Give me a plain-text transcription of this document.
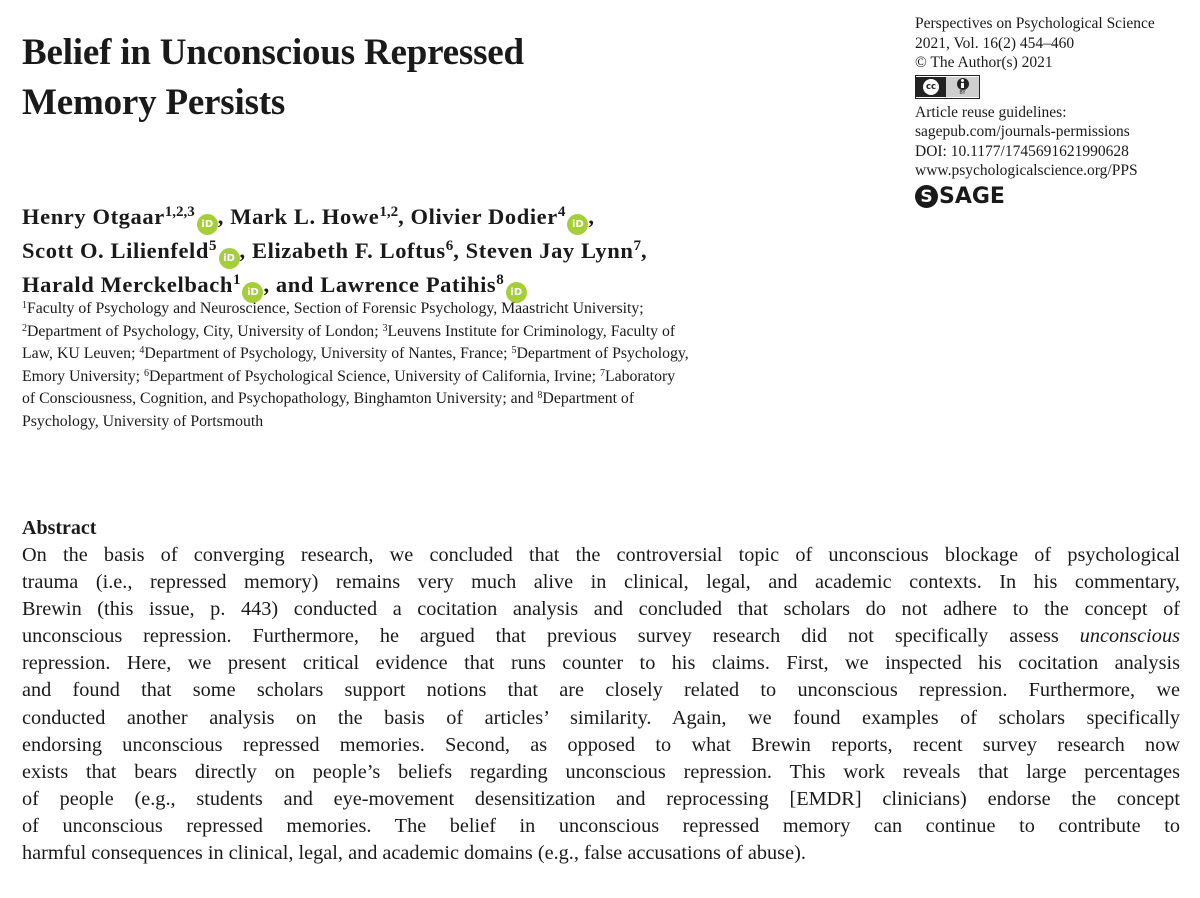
Belief in Unconscious Repressed
Memory Persists
Perspectives on Psychological Science
2021, Vol. 16(2) 454–460
© The Author(s) 2021
cc
BY
Article reuse guidelines:
sagepub.com/journals-permissions
DOI: 10.1177/1745691621990628
www.psychologicalscience.org/PPS
S SAGE
Henry Otgaar$^{1,2,3}$iD , Mark L. Howe$^{1,2}$, Olivier Dodier$^4$iD ,
Scott O. Lilienfeld$^5$iD , Elizabeth F. Loftus$^6$, Steven Jay Lynn$^7$,
Harald Merckelbach$^1$iD , and Lawrence Patihis$^8$iD
$^1$Faculty of Psychology and Neuroscience, Section of Forensic Psychology, Maastricht University;
$^2$Department of Psychology, City, University of London; $^3$Leuvens Institute for Criminology, Faculty of
Law, KU Leuven; $^4$Department of Psychology, University of Nantes, France; $^5$Department of Psychology,
Emory University; $^6$Department of Psychological Science, University of California, Irvine; $^7$Laboratory
of Consciousness, Cognition, and Psychopathology, Binghamton University; and $^8$Department of
Psychology, University of Portsmouth
Abstract
On the basis of converging research, we concluded that the controversial topic of unconscious blockage of psychological
trauma (i.e., repressed memory) remains very much alive in clinical, legal, and academic contexts. In his commentary,
Brewin (this issue, p. 443) conducted a cocitation analysis and concluded that scholars do not adhere to the concept of
unconscious repression. Furthermore, he argued that previous survey research did not specifically assess unconscious
repression. Here, we present critical evidence that runs counter to his claims. First, we inspected his cocitation analysis
and found that some scholars support notions that are closely related to unconscious repression. Furthermore, we
conducted another analysis on the basis of articles’ similarity. Again, we found examples of scholars specifically
endorsing unconscious repressed memories. Second, as opposed to what Brewin reports, recent survey research now
exists that bears directly on people’s beliefs regarding unconscious repression. This work reveals that large percentages
of people (e.g., students and eye-movement desensitization and reprocessing [EMDR] clinicians) endorse the concept
of unconscious repressed memories. The belief in unconscious repressed memory can continue to contribute to
harmful consequences in clinical, legal, and academic domains (e.g., false accusations of abuse).
